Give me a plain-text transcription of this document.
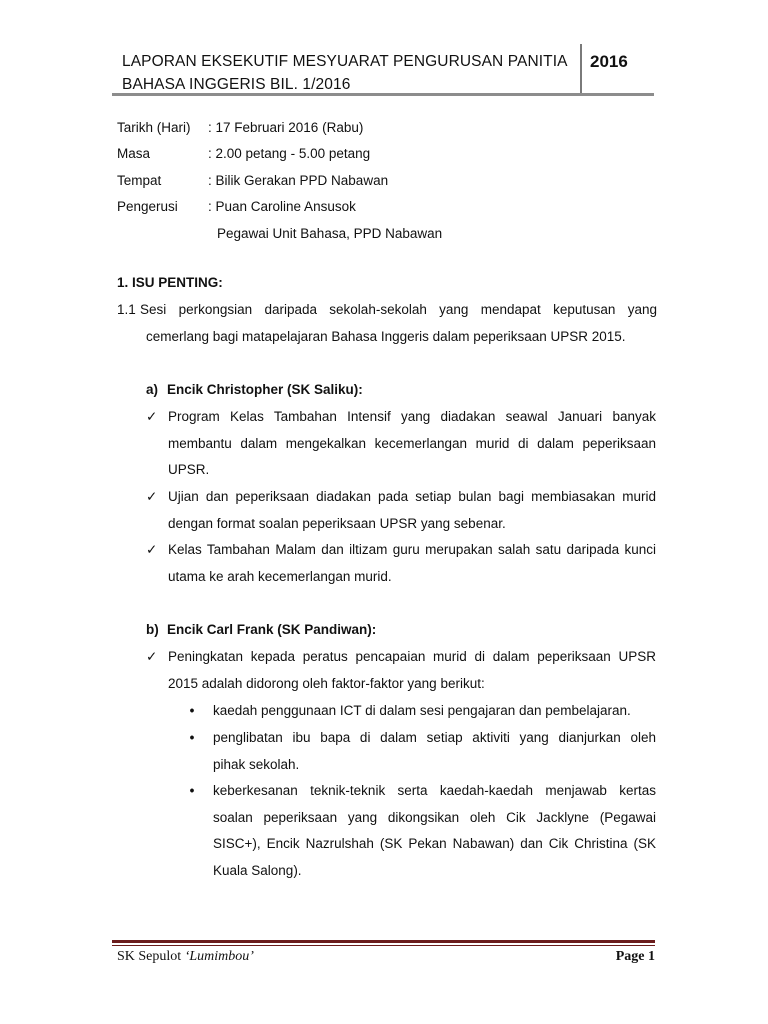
LAPORAN EKSEKUTIF MESYUARAT PENGURUSAN PANITIA
BAHASA INGGERIS BIL. 1/2016
2016
Tarikh (Hari)	: 17 Februari 2016 (Rabu)
Masa	: 2.00 petang - 5.00 petang
Tempat	: Bilik Gerakan PPD Nabawan
Pengerusi	: Puan Caroline Ansusok
Pegawai Unit Bahasa, PPD Nabawan
1. ISU PENTING:
1.1 Sesi perkongsian daripada sekolah-sekolah yang mendapat keputusan yang
cemerlang bagi matapelajaran Bahasa Inggeris dalam peperiksaan UPSR 2015.
a) Encik Christopher (SK Saliku):
✓ Program Kelas Tambahan Intensif yang diadakan seawal Januari banyak
membantu dalam mengekalkan kecemerlangan murid di dalam peperiksaan
UPSR.
✓ Ujian dan peperiksaan diadakan pada setiap bulan bagi membiasakan murid
dengan format soalan peperiksaan UPSR yang sebenar.
✓ Kelas Tambahan Malam dan iltizam guru merupakan salah satu daripada kunci
utama ke arah kecemerlangan murid.
b) Encik Carl Frank (SK Pandiwan):
✓ Peningkatan kepada peratus pencapaian murid di dalam peperiksaan UPSR
2015 adalah didorong oleh faktor-faktor yang berikut:
•	kaedah penggunaan ICT di dalam sesi pengajaran dan pembelajaran.
•	penglibatan ibu bapa di dalam setiap aktiviti yang dianjurkan oleh
pihak sekolah.
•	keberkesanan teknik-teknik serta kaedah-kaedah menjawab kertas
soalan peperiksaan yang dikongsikan oleh Cik Jacklyne (Pegawai
SISC+), Encik Nazrulshah (SK Pekan Nabawan) dan Cik Christina (SK
Kuala Salong).
SK Sepulot ‘Lumimbou’	Page 1
